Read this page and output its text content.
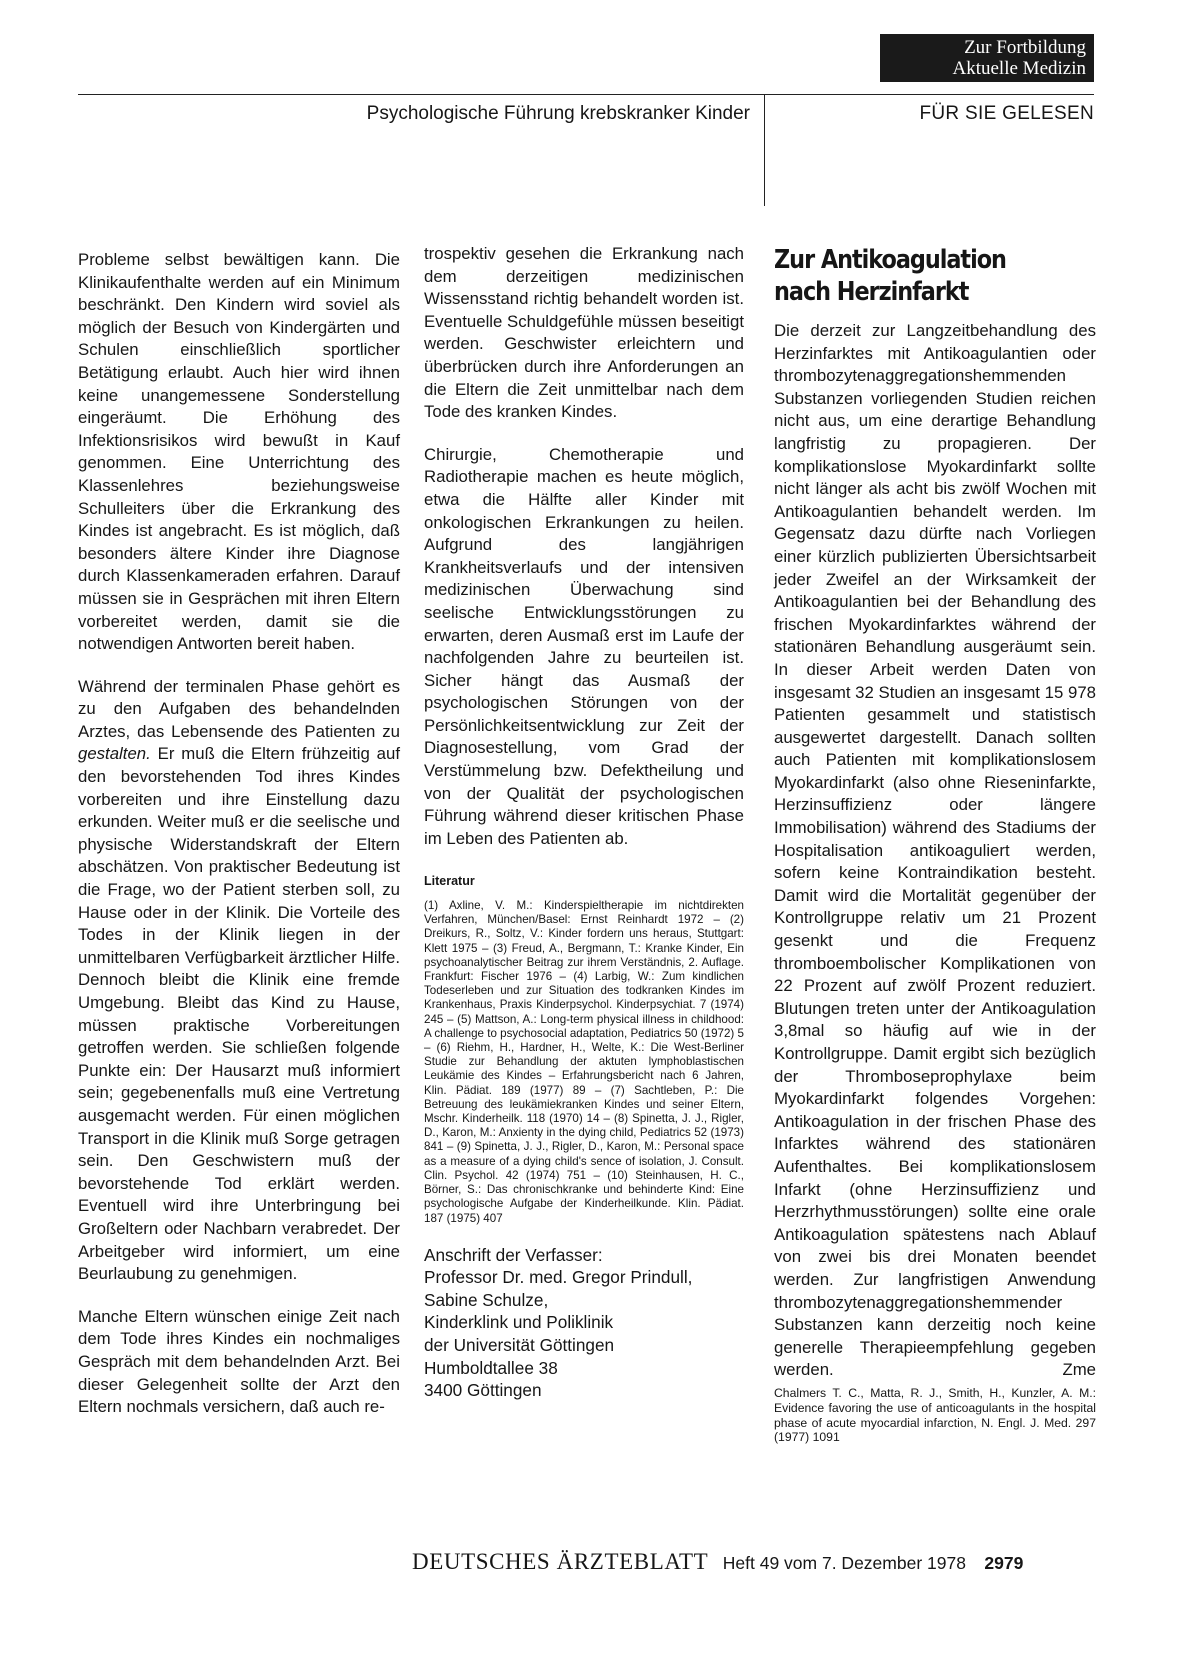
Zur Fortbildung
Aktuelle Medizin
Psychologische Führung krebskranker Kinder	FÜR SIE GELESEN

Probleme selbst bewältigen kann. Die Klinikaufenthalte werden auf ein Minimum beschränkt. Den Kindern wird soviel als möglich der Besuch von Kindergärten und Schulen einschließlich sportlicher Betätigung erlaubt. Auch hier wird ihnen keine unangemessene Sonderstellung eingeräumt. Die Erhöhung des Infektionsrisikos wird bewußt in Kauf genommen. Eine Unterrichtung des Klassenlehres beziehungsweise Schulleiters über die Erkrankung des Kindes ist angebracht. Es ist möglich, daß besonders ältere Kinder ihre Diagnose durch Klassenkameraden erfahren. Darauf müssen sie in Gesprächen mit ihren Eltern vorbereitet werden, damit sie die notwendigen Antworten bereit haben.

Während der terminalen Phase gehört es zu den Aufgaben des behandelnden Arztes, das Lebensende des Patienten zu gestalten. Er muß die Eltern frühzeitig auf den bevorstehenden Tod ihres Kindes vorbereiten und ihre Einstellung dazu erkunden. Weiter muß er die seelische und physische Widerstandskraft der Eltern abschätzen. Von praktischer Bedeutung ist die Frage, wo der Patient sterben soll, zu Hause oder in der Klinik. Die Vorteile des Todes in der Klinik liegen in der unmittelbaren Verfügbarkeit ärztlicher Hilfe. Dennoch bleibt die Klinik eine fremde Umgebung. Bleibt das Kind zu Hause, müssen praktische Vorbereitungen getroffen werden. Sie schließen folgende Punkte ein: Der Hausarzt muß informiert sein; gegebenenfalls muß eine Vertretung ausgemacht werden. Für einen möglichen Transport in die Klinik muß Sorge getragen sein. Den Geschwistern muß der bevorstehende Tod erklärt werden. Eventuell wird ihre Unterbringung bei Großeltern oder Nachbarn verabredet. Der Arbeitgeber wird informiert, um eine Beurlaubung zu genehmigen.

Manche Eltern wünschen einige Zeit nach dem Tode ihres Kindes ein nochmaliges Gespräch mit dem behandelnden Arzt. Bei dieser Gelegenheit sollte der Arzt den Eltern nochmals versichern, daß auch re-

trospektiv gesehen die Erkrankung nach dem derzeitigen medizinischen Wissensstand richtig behandelt worden ist. Eventuelle Schuldgefühle müssen beseitigt werden. Geschwister erleichtern und überbrücken durch ihre Anforderungen an die Eltern die Zeit unmittelbar nach dem Tode des kranken Kindes.

Chirurgie, Chemotherapie und Radiotherapie machen es heute möglich, etwa die Hälfte aller Kinder mit onkologischen Erkrankungen zu heilen. Aufgrund des langjährigen Krankheitsverlaufs und der intensiven medizinischen Überwachung sind seelische Entwicklungsstörungen zu erwarten, deren Ausmaß erst im Laufe der nachfolgenden Jahre zu beurteilen ist. Sicher hängt das Ausmaß der psychologischen Störungen von der Persönlichkeitsentwicklung zur Zeit der Diagnosestellung, vom Grad der Verstümmelung bzw. Defektheilung und von der Qualität der psychologischen Führung während dieser kritischen Phase im Leben des Patienten ab.

Literatur
(1) Axline, V. M.: Kinderspieltherapie im nichtdirekten Verfahren, München/Basel: Ernst Reinhardt 1972 – (2) Dreikurs, R., Soltz, V.: Kinder fordern uns heraus, Stuttgart: Klett 1975 – (3) Freud, A., Bergmann, T.: Kranke Kinder, Ein psychoanalytischer Beitrag zur ihrem Verständnis, 2. Auflage. Frankfurt: Fischer 1976 – (4) Larbig, W.: Zum kindlichen Todeserleben und zur Situation des todkranken Kindes im Krankenhaus, Praxis Kinderpsychol. Kinderpsychiat. 7 (1974) 245 – (5) Mattson, A.: Long-term physical illness in childhood: A challenge to psychosocial adaptation, Pediatrics 50 (1972) 5 – (6) Riehm, H., Hardner, H., Welte, K.: Die West-Berliner Studie zur Behandlung der aktuten lymphoblastischen Leukämie des Kindes – Erfahrungsbericht nach 6 Jahren, Klin. Pädiat. 189 (1977) 89 – (7) Sachtleben, P.: Die Betreuung des leukämiekranken Kindes und seiner Eltern, Mschr. Kinderheilk. 118 (1970) 14 – (8) Spinetta, J. J., Rigler, D., Karon, M.: Anxienty in the dying child, Pediatrics 52 (1973) 841 – (9) Spinetta, J. J., Rigler, D., Karon, M.: Personal space as a measure of a dying child's sence of isolation, J. Consult. Clin. Psychol. 42 (1974) 751 – (10) Steinhausen, H. C., Börner, S.: Das chronischkranke und behinderte Kind: Eine psychologische Aufgabe der Kinderheilkunde. Klin. Pädiat. 187 (1975) 407
Anschrift der Verfasser:
Professor Dr. med. Gregor Prindull,
Sabine Schulze,
Kinderklink und Poliklinik
der Universität Göttingen
Humboldtallee 38
3400 Göttingen
Zur Antikoagulation
nach Herzinfarkt
Die derzeit zur Langzeitbehandlung des Herzinfarktes mit Antikoagulantien oder thrombozytenaggregationshemmenden Substanzen vorliegenden Studien reichen nicht aus, um eine derartige Behandlung langfristig zu propagieren. Der komplikationslose Myokardinfarkt sollte nicht länger als acht bis zwölf Wochen mit Antikoagulantien behandelt werden. Im Gegensatz dazu dürfte nach Vorliegen einer kürzlich publizierten Übersichtsarbeit jeder Zweifel an der Wirksamkeit der Antikoagulantien bei der Behandlung des frischen Myokardinfarktes während der stationären Behandlung ausgeräumt sein. In dieser Arbeit werden Daten von insgesamt 32 Studien an insgesamt 15 978 Patienten gesammelt und statistisch ausgewertet dargestellt. Danach sollten auch Patienten mit komplikationslosem Myokardinfarkt (also ohne Rieseninfarkte, Herzinsuffizienz oder längere Immobilisation) während des Stadiums der Hospitalisation antikoaguliert werden, sofern keine Kontraindikation besteht. Damit wird die Mortalität gegenüber der Kontrollgruppe relativ um 21 Prozent gesenkt und die Frequenz thromboembolischer Komplikationen von 22 Prozent auf zwölf Prozent reduziert. Blutungen treten unter der Antikoagulation 3,8mal so häufig auf wie in der Kontrollgruppe. Damit ergibt sich bezüglich der Thromboseprophylaxe beim Myokardinfarkt folgendes Vorgehen: Antikoagulation in der frischen Phase des Infarktes während des stationären Aufenthaltes. Bei komplikationslosem Infarkt (ohne Herzinsuffizienz und Herzrhythmusstörungen) sollte eine orale Antikoagulation spätestens nach Ablauf von zwei bis drei Monaten beendet werden. Zur langfristigen Anwendung thrombozytenaggregationshemmender Substanzen kann derzeitig noch keine generelle Therapieempfehlung gegeben werden.	Zme
Chalmers T. C., Matta, R. J., Smith, H., Kunzler, A. M.: Evidence favoring the use of anticoagulants in the hospital phase of acute myocardial infarction, N. Engl. J. Med. 297 (1977) 1091
DEUTSCHES ÄRZTEBLATT Heft 49 vom 7. Dezember 1978 2979
